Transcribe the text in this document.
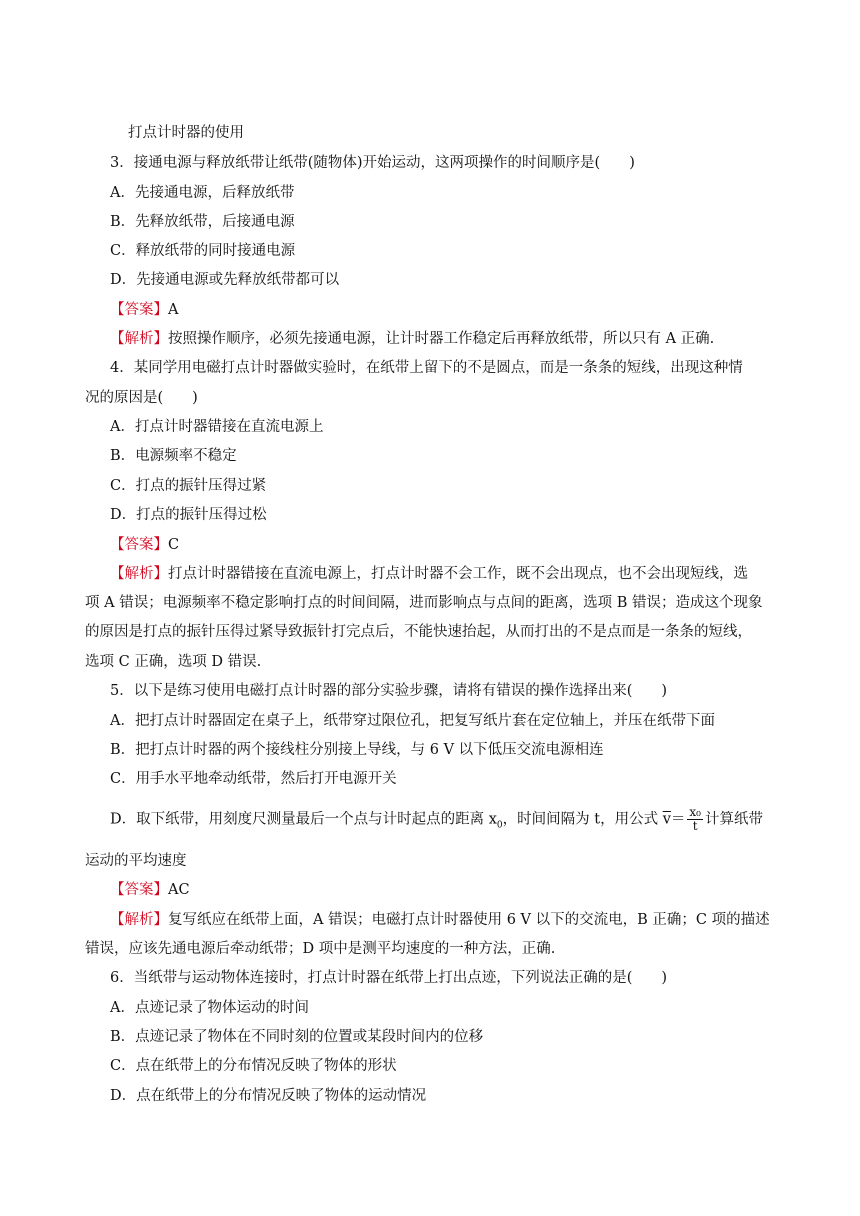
打点计时器的使用
3．接通电源与释放纸带让纸带(随物体)开始运动，这两项操作的时间顺序是(　　)
A．先接通电源，后释放纸带
B．先释放纸带，后接通电源
C．释放纸带的同时接通电源
D．先接通电源或先释放纸带都可以
【答案】A
【解析】按照操作顺序，必须先接通电源，让计时器工作稳定后再释放纸带，所以只有 A 正确.
4．某同学用电磁打点计时器做实验时，在纸带上留下的不是圆点，而是一条条的短线，出现这种情
况的原因是(　　)
A．打点计时器错接在直流电源上
B．电源频率不稳定
C．打点的振针压得过紧
D．打点的振针压得过松
【答案】C
【解析】打点计时器错接在直流电源上，打点计时器不会工作，既不会出现点，也不会出现短线，选
项 A 错误；电源频率不稳定影响打点的时间间隔，进而影响点与点间的距离，选项 B 错误；造成这个现象
的原因是打点的振针压得过紧导致振针打完点后，不能快速抬起，从而打出的不是点而是一条条的短线，
选项 C 正确，选项 D 错误.
5．以下是练习使用电磁打点计时器的部分实验步骤，请将有错误的操作选择出来(　　)
A．把打点计时器固定在桌子上，纸带穿过限位孔，把复写纸片套在定位轴上，并压在纸带下面
B．把打点计时器的两个接线柱分别接上导线，与 6 V 以下低压交流电源相连
C．用手水平地牵动纸带，然后打开电源开关
D．取下纸带，用刻度尺测量最后一个点与计时起点的距离 $x_0$，时间间隔为 t，用公式 $\overline{v}= \frac{\text{x₀}}{t}$ 计算纸带
运动的平均速度
【答案】AC
【解析】复写纸应在纸带上面，A 错误；电磁打点计时器使用 6 V 以下的交流电，B 正确；C 项的描述
错误，应该先通电源后牵动纸带；D 项中是测平均速度的一种方法，正确.
6．当纸带与运动物体连接时，打点计时器在纸带上打出点迹，下列说法正确的是(　　)
A．点迹记录了物体运动的时间
B．点迹记录了物体在不同时刻的位置或某段时间内的位移
C．点在纸带上的分布情况反映了物体的形状
D．点在纸带上的分布情况反映了物体的运动情况
